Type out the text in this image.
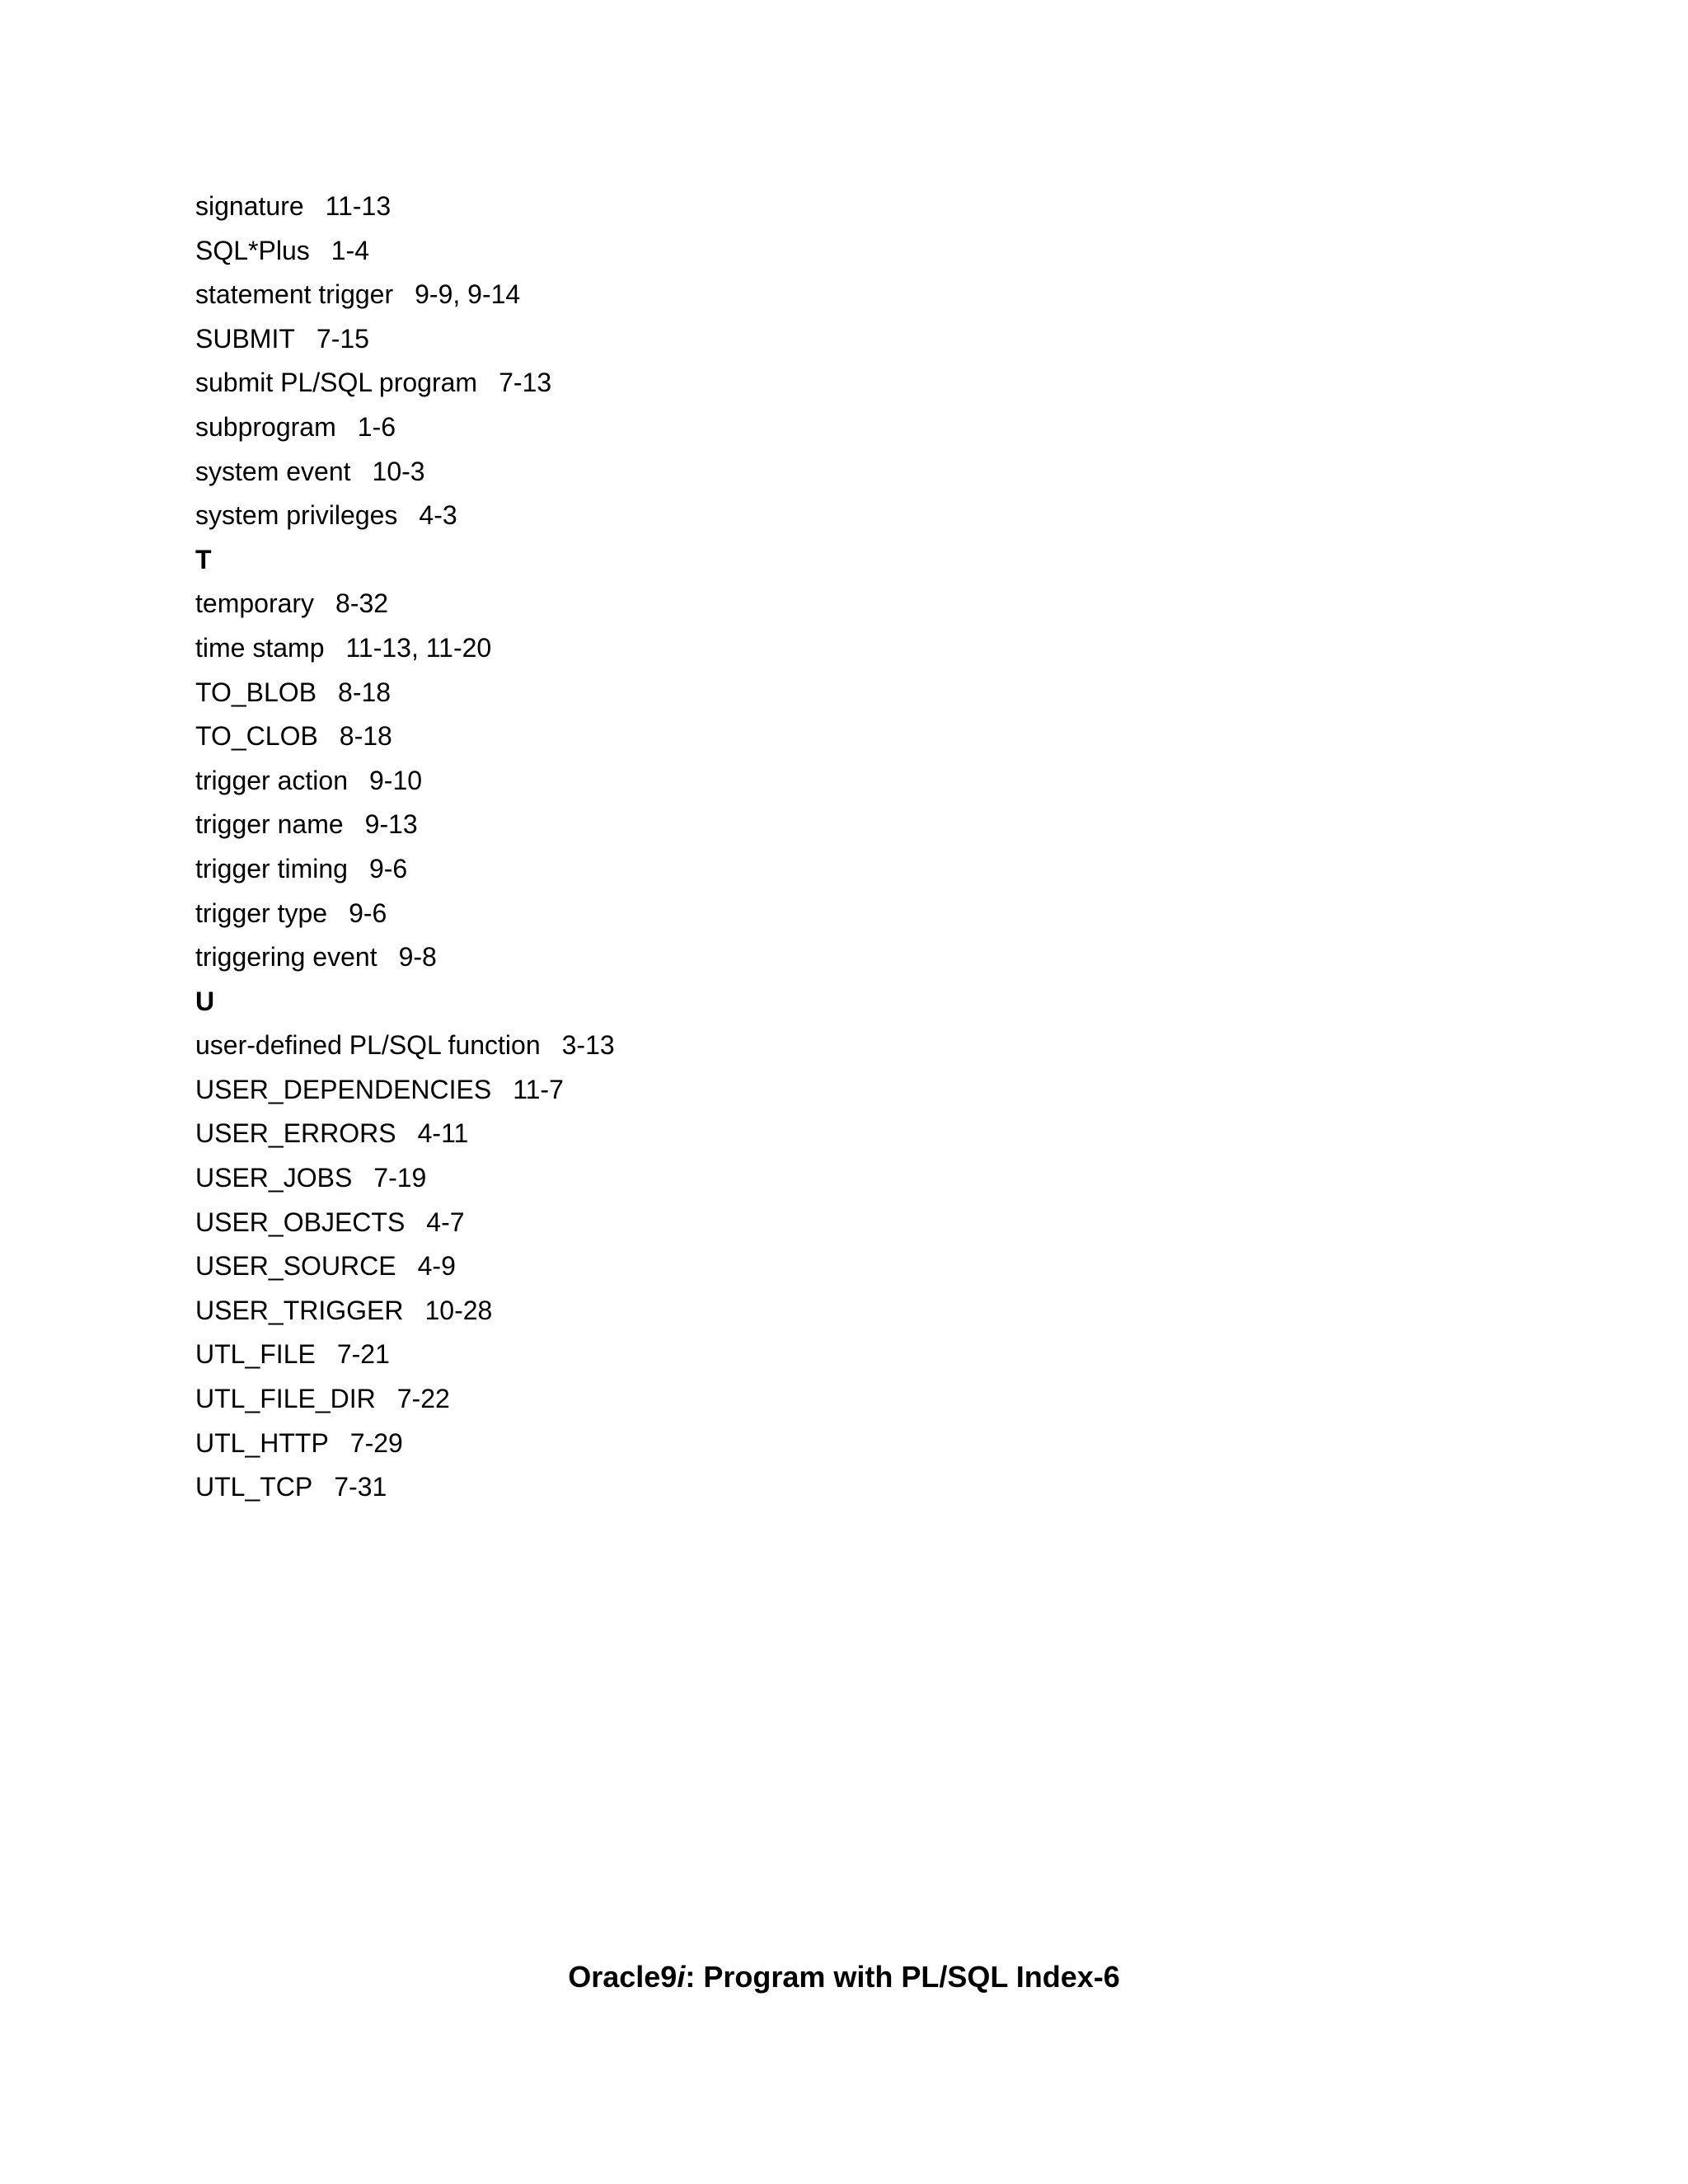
signature 11-13
SQL*Plus 1-4
statement trigger 9-9, 9-14
SUBMIT 7-15
submit PL/SQL program 7-13
subprogram 1-6
system event 10-3
system privileges 4-3
T
temporary 8-32
time stamp 11-13, 11-20
TO_BLOB 8-18
TO_CLOB 8-18
trigger action 9-10
trigger name 9-13
trigger timing 9-6
trigger type 9-6
triggering event 9-8
U
user-defined PL/SQL function 3-13
USER_DEPENDENCIES 11-7
USER_ERRORS 4-11
USER_JOBS 7-19
USER_OBJECTS 4-7
USER_SOURCE 4-9
USER_TRIGGER 10-28
UTL_FILE 7-21
UTL_FILE_DIR 7-22
UTL_HTTP 7-29
UTL_TCP 7-31
Oracle9i: Program with PL/SQL Index-6
